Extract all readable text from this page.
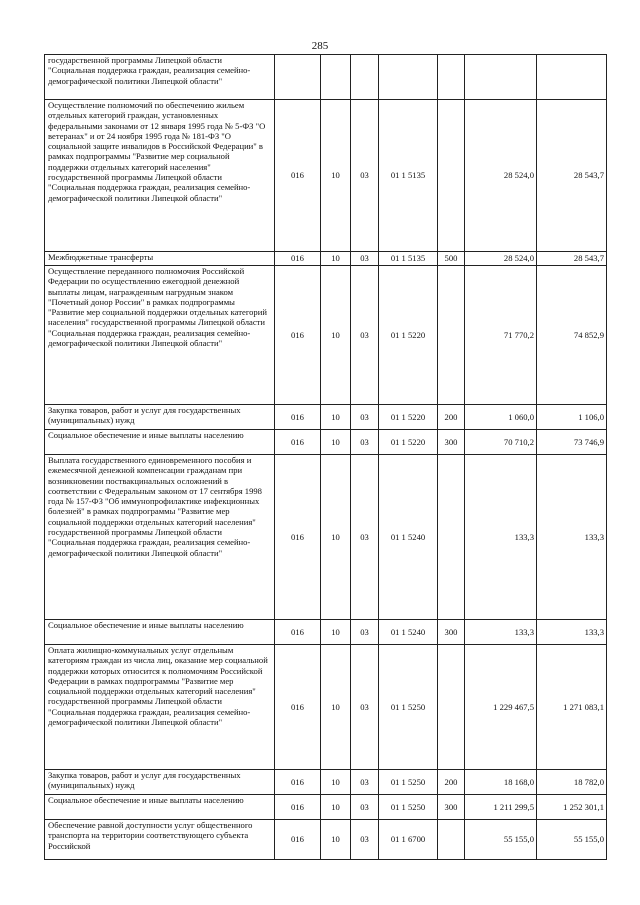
285
государственной программы Липецкой области "Социальная поддержка граждан, реализация семейно-демографической политики Липецкой области"							
Осуществление полномочий по обеспечению жильем отдельных категорий граждан, установленных федеральными законами от 12 января 1995 года № 5-ФЗ "О ветеранах" и от 24 ноября 1995 года № 181-ФЗ "О социальной защите инвалидов в Российской Федерации" в рамках подпрограммы "Развитие мер социальной поддержки отдельных категорий населения" государственной программы Липецкой области "Социальная поддержка граждан, реализация семейно-демографической политики Липецкой области"	016	10	03	01 1 5135		28 524,0	28 543,7
Межбюджетные трансферты	016	10	03	01 1 5135	500	28 524,0	28 543,7
Осуществление переданного полномочия Российской Федерации по осуществлению ежегодной денежной выплаты лицам, награжденным нагрудным знаком "Почетный донор России" в рамках подпрограммы "Развитие мер социальной поддержки отдельных категорий населения" государственной программы Липецкой области "Социальная поддержка граждан, реализация семейно-демографической политики Липецкой области"	016	10	03	01 1 5220		71 770,2	74 852,9
Закупка товаров, работ и услуг для государственных (муниципальных) нужд	016	10	03	01 1 5220	200	1 060,0	1 106,0
Социальное обеспечение и иные выплаты населению	016	10	03	01 1 5220	300	70 710,2	73 746,9
Выплата государственного единовременного пособия и ежемесячной денежной компенсации гражданам при возникновении поствакцинальных осложнений в соответствии с Федеральным законом от 17 сентября 1998 года № 157-ФЗ "Об иммунопрофилактике инфекционных болезней" в рамках подпрограммы "Развитие мер социальной поддержки отдельных категорий населения" государственной программы Липецкой области "Социальная поддержка граждан, реализация семейно-демографической политики Липецкой области"	016	10	03	01 1 5240		133,3	133,3
Социальное обеспечение и иные выплаты населению	016	10	03	01 1 5240	300	133,3	133,3
Оплата жилищно-коммунальных услуг отдельным категориям граждан из числа лиц, оказание мер социальной поддержки которых относится к полномочиям Российской Федерации в рамках подпрограммы "Развитие мер социальной поддержки отдельных категорий населения" государственной программы Липецкой области "Социальная поддержка граждан, реализация семейно-демографической политики Липецкой области"	016	10	03	01 1 5250		1 229 467,5	1 271 083,1
Закупка товаров, работ и услуг для государственных (муниципальных) нужд	016	10	03	01 1 5250	200	18 168,0	18 782,0
Социальное обеспечение и иные выплаты населению	016	10	03	01 1 5250	300	1 211 299,5	1 252 301,1
Обеспечение равной доступности услуг общественного транспорта на территории соответствующего субъекта Российской	016	10	03	01 1 6700		55 155,0	55 155,0
